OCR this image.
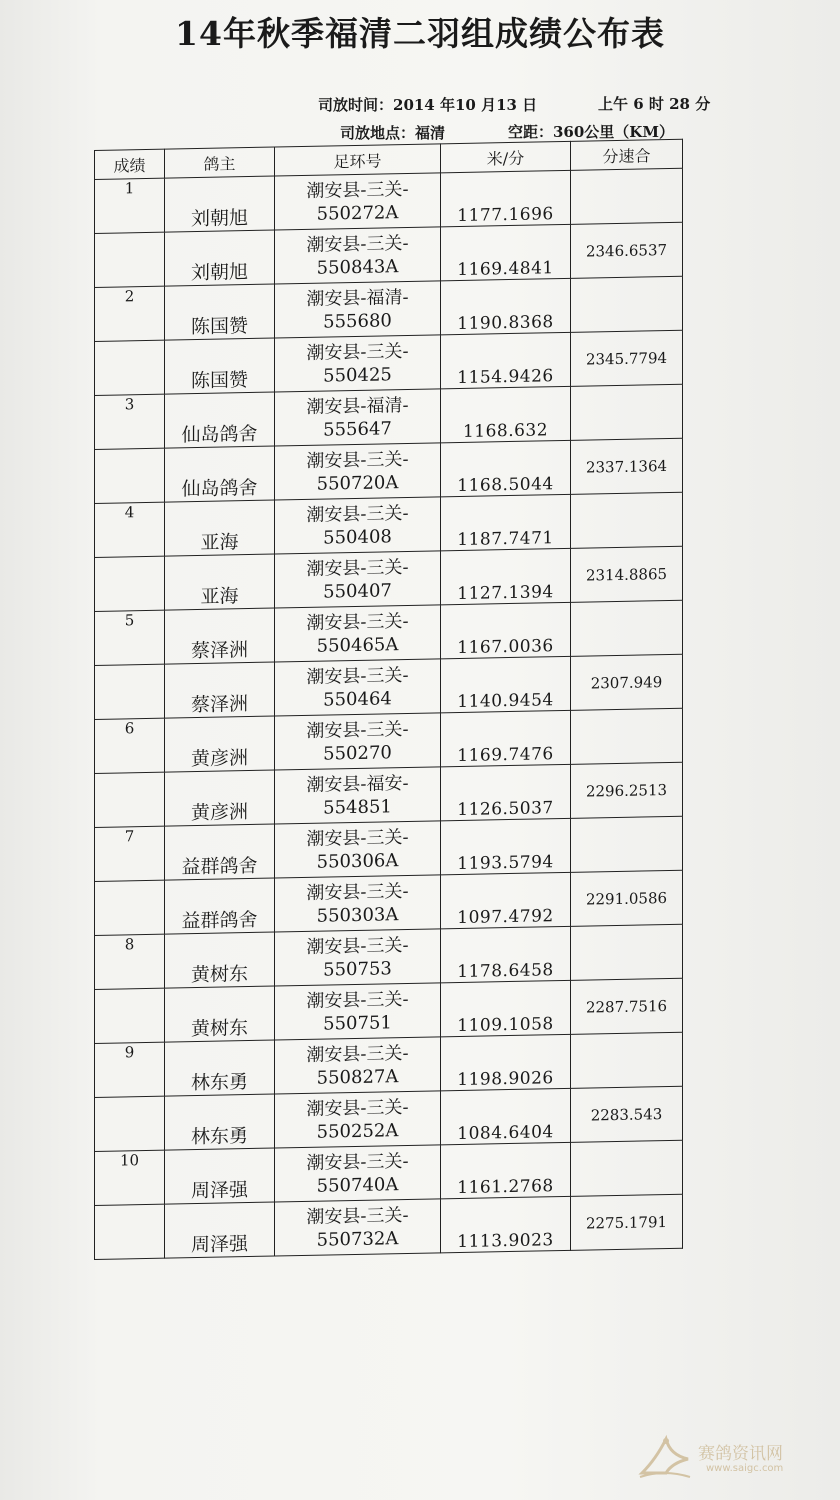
14年秋季福清二羽组成绩公布表
司放时间：2014 年10 月13 日	上午 6 时 28 分
司放地点：福清	空距：360公里（KM）
成绩	鸽主	足环号	米/分	分速合
1	刘朝旭	潮安县-三关-
550272A	1177.1696	
	刘朝旭	潮安县-三关-
550843A	1169.4841	2346.6537
2	陈国赞	潮安县-福清-
555680	1190.8368	
	陈国赞	潮安县-三关-
550425	1154.9426	2345.7794
3	仙岛鸽舍	潮安县-福清-
555647	1168.632	
	仙岛鸽舍	潮安县-三关-
550720A	1168.5044	2337.1364
4	亚海	潮安县-三关-
550408	1187.7471	
	亚海	潮安县-三关-
550407	1127.1394	2314.8865
5	蔡泽洲	潮安县-三关-
550465A	1167.0036	
	蔡泽洲	潮安县-三关-
550464	1140.9454	2307.949
6	黄彦洲	潮安县-三关-
550270	1169.7476	
	黄彦洲	潮安县-福安-
554851	1126.5037	2296.2513
7	益群鸽舍	潮安县-三关-
550306A	1193.5794	
	益群鸽舍	潮安县-三关-
550303A	1097.4792	2291.0586
8	黄树东	潮安县-三关-
550753	1178.6458	
	黄树东	潮安县-三关-
550751	1109.1058	2287.7516
9	林东勇	潮安县-三关-
550827A	1198.9026	
	林东勇	潮安县-三关-
550252A	1084.6404	2283.543
10	周泽强	潮安县-三关-
550740A	1161.2768	
	周泽强	潮安县-三关-
550732A	1113.9023	2275.1791
赛鸽资讯网
www.saigc.com
